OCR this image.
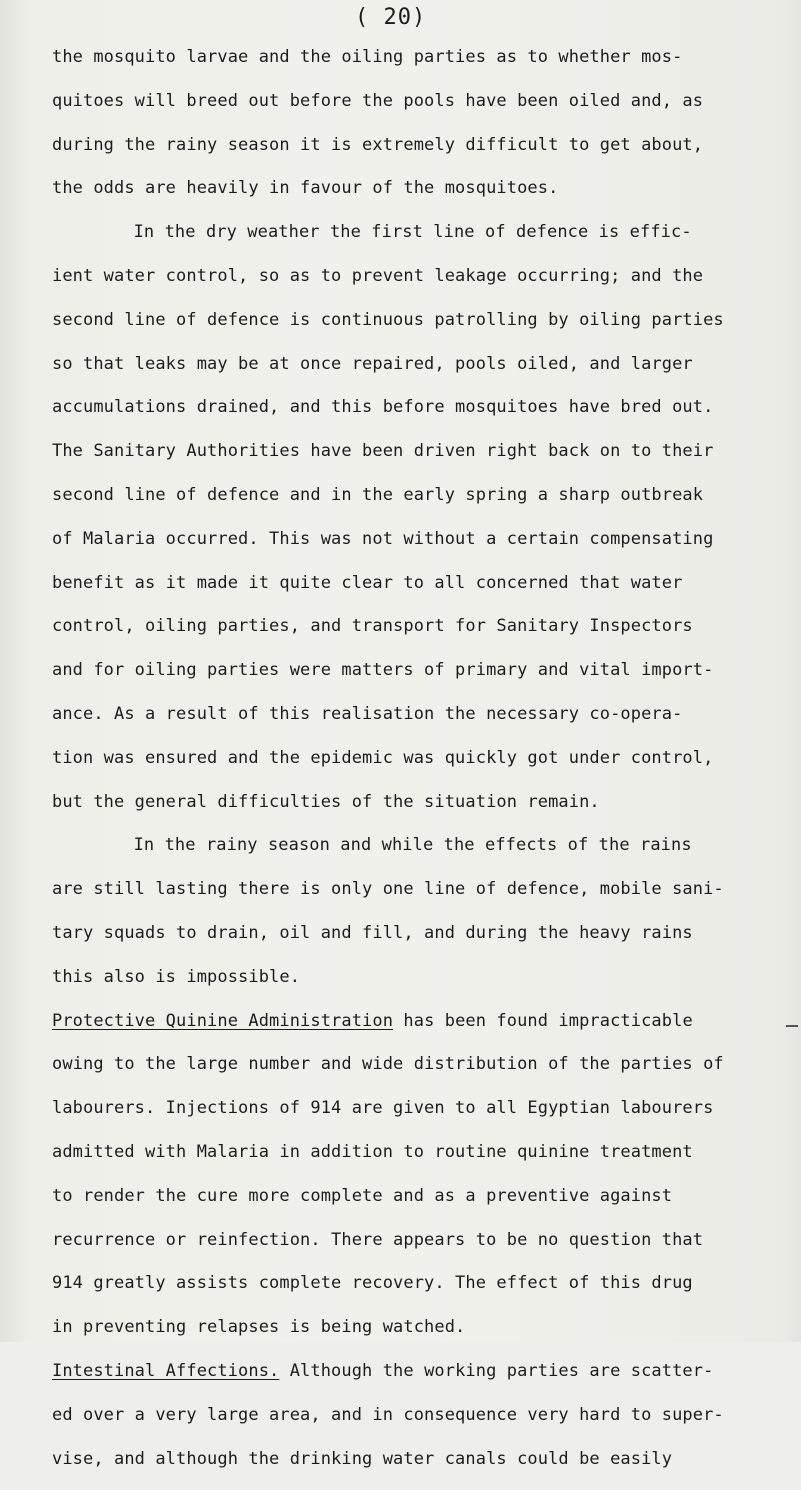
( 20)

the mosquito larvae and the oiling parties as to whether mos-

quitoes will breed out before the pools have been oiled and, as

during the rainy season it is extremely difficult to get about,

the odds are heavily in favour of the mosquitoes.

In the dry weather the first line of defence is effic-

ient water control, so as to prevent leakage occurring; and the

second line of defence is continuous patrolling by oiling parties

so that leaks may be at once repaired, pools oiled, and larger

accumulations drained, and this before mosquitoes have bred out.

The Sanitary Authorities have been driven right back on to their

second line of defence and in the early spring a sharp outbreak

of Malaria occurred. This was not without a certain compensating

benefit as it made it quite clear to all concerned that water

control, oiling parties, and transport for Sanitary Inspectors

and for oiling parties were matters of primary and vital import-

ance. As a result of this realisation the necessary co-opera-

tion was ensured and the epidemic was quickly got under control,

but the general difficulties of the situation remain.

In the rainy season and while the effects of the rains

are still lasting there is only one line of defence, mobile sani-

tary squads to drain, oil and fill, and during the heavy rains

this also is impossible.

Protective Quinine Administration has been found impracticable

owing to the large number and wide distribution of the parties of

labourers. Injections of 914 are given to all Egyptian labourers

admitted with Malaria in addition to routine quinine treatment

to render the cure more complete and as a preventive against

recurrence or reinfection. There appears to be no question that

914 greatly assists complete recovery. The effect of this drug

in preventing relapses is being watched.

Intestinal Affections. Although the working parties are scatter-

ed over a very large area, and in consequence very hard to super-

vise, and although the drinking water canals could be easily
